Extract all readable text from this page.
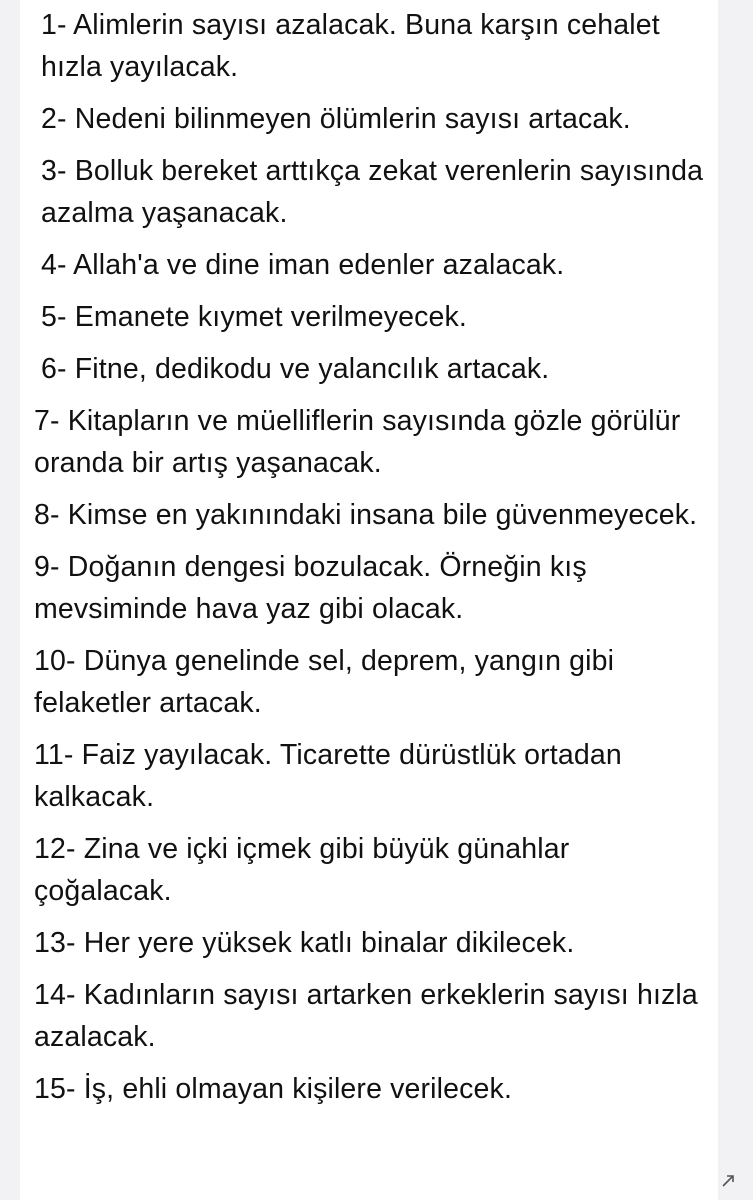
1- Alimlerin sayısı azalacak. Buna karşın cehalet hızla yayılacak.
2- Nedeni bilinmeyen ölümlerin sayısı artacak.
3- Bolluk bereket arttıkça zekat verenlerin sayısında azalma yaşanacak.
4- Allah'a ve dine iman edenler azalacak.
5- Emanete kıymet verilmeyecek.
6- Fitne, dedikodu ve yalancılık artacak.
7- Kitapların ve müelliflerin sayısında gözle görülür oranda bir artış yaşanacak.
8- Kimse en yakınındaki insana bile güvenmeyecek.
9- Doğanın dengesi bozulacak. Örneğin kış mevsiminde hava yaz gibi olacak.
10- Dünya genelinde sel, deprem, yangın gibi felaketler artacak.
11- Faiz yayılacak. Ticarette dürüstlük ortadan kalkacak.
12- Zina ve içki içmek gibi büyük günahlar çoğalacak.
13- Her yere yüksek katlı binalar dikilecek.
14- Kadınların sayısı artarken erkeklerin sayısı hızla azalacak.
15- İş, ehli olmayan kişilere verilecek.
